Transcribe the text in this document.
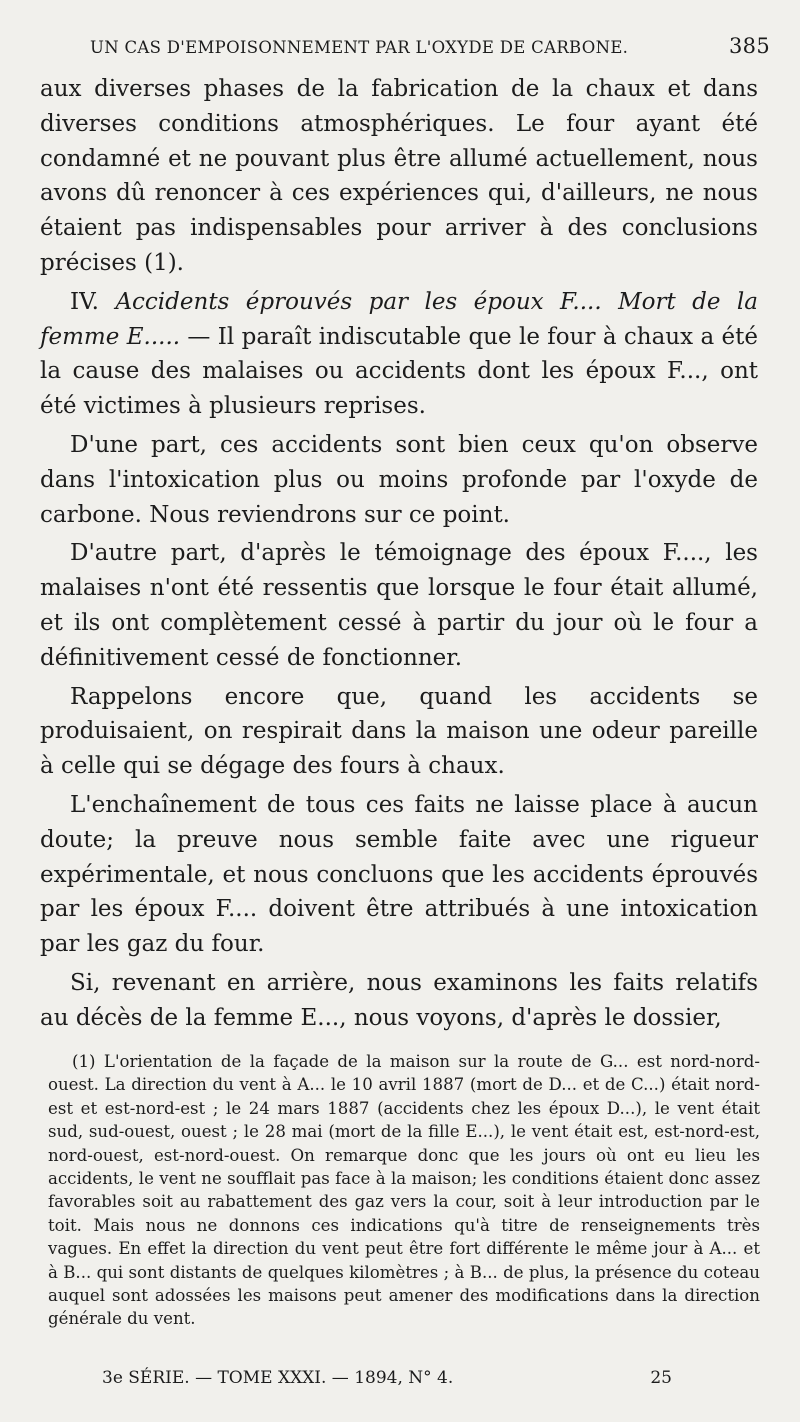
UN CAS D'EMPOISONNEMENT PAR L'OXYDE DE CARBONE.	385

aux diverses phases de la fabrication de la chaux et dans diverses conditions atmosphériques. Le four ayant été condamné et ne pouvant plus être allumé actuellement, nous avons dû renoncer à ces expériences qui, d'ailleurs, ne nous étaient pas indispensables pour arriver à des conclusions précises (1).

IV. Accidents éprouvés par les époux F.... Mort de la femme E..... — Il paraît indiscutable que le four à chaux a été la cause des malaises ou accidents dont les époux F..., ont été victimes à plusieurs reprises.

D'une part, ces accidents sont bien ceux qu'on observe dans l'intoxication plus ou moins profonde par l'oxyde de carbone. Nous reviendrons sur ce point.

D'autre part, d'après le témoignage des époux F...., les malaises n'ont été ressentis que lorsque le four était allumé, et ils ont complètement cessé à partir du jour où le four a définitivement cessé de fonctionner.

Rappelons encore que, quand les accidents se produisaient, on respirait dans la maison une odeur pareille à celle qui se dégage des fours à chaux.

L'enchaînement de tous ces faits ne laisse place à aucun doute; la preuve nous semble faite avec une rigueur expérimentale, et nous concluons que les accidents éprouvés par les époux F.... doivent être attribués à une intoxication par les gaz du four.

Si, revenant en arrière, nous examinons les faits relatifs au décès de la femme E..., nous voyons, d'après le dossier,

(1) L'orientation de la façade de la maison sur la route de G... est nord-nord-ouest. La direction du vent à A... le 10 avril 1887 (mort de D... et de C...) était nord-est et est-nord-est ; le 24 mars 1887 (accidents chez les époux D...), le vent était sud, sud-ouest, ouest ; le 28 mai (mort de la fille E...), le vent était est, est-nord-est, nord-ouest, est-nord-ouest. On remarque donc que les jours où ont eu lieu les accidents, le vent ne soufflait pas face à la maison; les conditions étaient donc assez favorables soit au rabattement des gaz vers la cour, soit à leur introduction par le toit. Mais nous ne donnons ces indications qu'à titre de renseignements très vagues. En effet la direction du vent peut être fort différente le même jour à A... et à B... qui sont distants de quelques kilomètres ; à B... de plus, la présence du coteau auquel sont adossées les maisons peut amener des modifications dans la direction générale du vent.

3e SÉRIE. — TOME XXXI. — 1894, N° 4.	25
